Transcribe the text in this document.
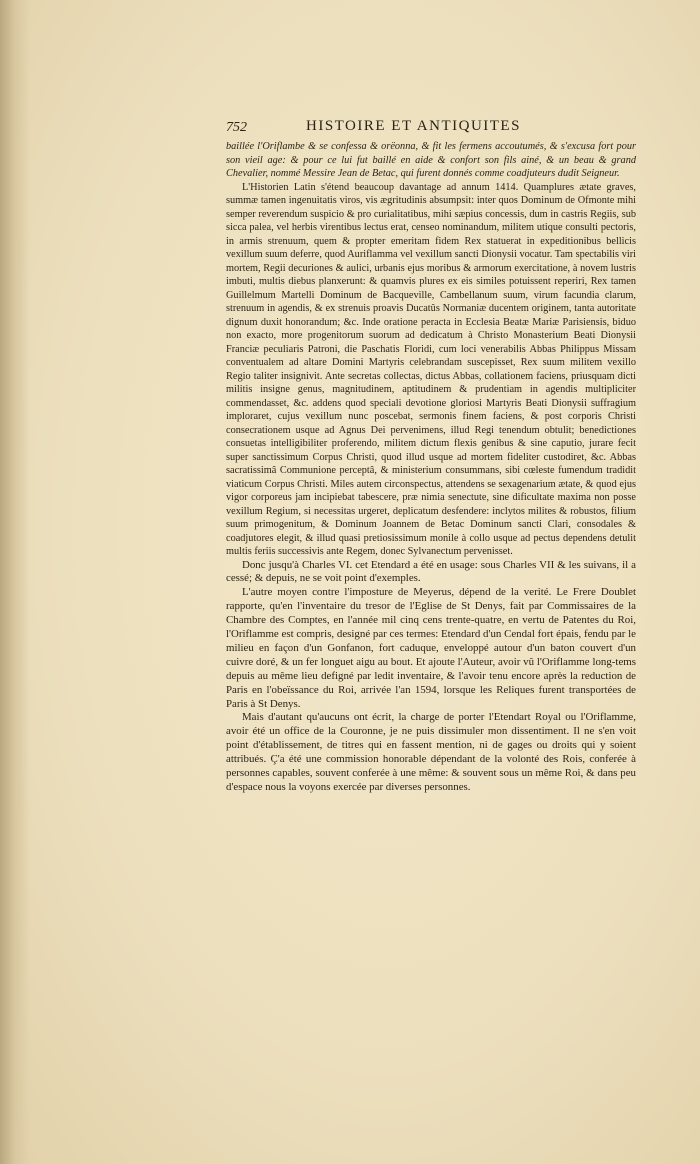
752	HISTOIRE ET ANTIQUITES

baillée l'Oriflambe & se confessa & orëonna, & fit les fermens accoutumés, & s'excusa fort pour son vieil age: & pour ce lui fut baillé en aide & confort son fils ainé, & un beau & grand Chevalier, nommé Messire Jean de Betac, qui furent donnés comme coadjuteurs dudit Seigneur.

L'Historien Latin s'étend beaucoup davantage ad annum 1414. Quamplures ætate graves, summæ tamen ingenuitatis viros, vis ægritudinis absumpsit: inter quos Dominum de Ofmonte mihi semper reverendum suspicio & pro curialitatibus, mihi sæpius concessis, dum in castris Regiis, sub sicca palea, vel herbis virentibus lectus erat, censeo nominandum, militem utique consulti pectoris, in armis strenuum, quem & propter emeritam fidem Rex statuerat in expeditionibus bellicis vexillum suum deferre, quod Auriflamma vel vexillum sancti Dionysii vocatur. Tam spectabilis viri mortem, Regii decuriones & aulici, urbanis ejus moribus & armorum exercitatione, à novem lustris imbuti, multis diebus planxerunt: & quamvis plures ex eis similes potuissent reperiri, Rex tamen Guillelmum Martelli Dominum de Bacqueville, Cambellanum suum, virum facundia clarum, strenuum in agendis, & ex strenuis proavis Ducatûs Normaniæ ducentem originem, tanta autoritate dignum duxit honorandum; &c. Inde oratione peracta in Ecclesia Beatæ Mariæ Parisiensis, biduo non exacto, more progenitorum suorum ad dedicatum à Christo Monasterium Beati Dionysii Franciæ peculiaris Patroni, die Paschatis Floridi, cum loci venerabilis Abbas Philippus Missam conventualem ad altare Domini Martyris celebrandam suscepisset, Rex suum militem vexillo Regio taliter insignivit. Ante secretas collectas, dictus Abbas, collationem faciens, priusquam dicti militis insigne genus, magnitudinem, aptitudinem & prudentiam in agendis multipliciter commendasset, &c. addens quod speciali devotione gloriosi Martyris Beati Dionysii suffragium imploraret, cujus vexillum nunc poscebat, sermonis finem faciens, & post corporis Christi consecrationem usque ad Agnus Dei pervenimens, illud Regi tenendum obtulit; benedictiones consuetas intelligibiliter proferendo, militem dictum flexis genibus & sine caputio, jurare fecit super sanctissimum Corpus Christi, quod illud usque ad mortem fideliter custodiret, &c. Abbas sacratissimâ Communione perceptâ, & ministerium consummans, sibi cœleste fumendum tradidit viaticum Corpus Christi. Miles autem circonspectus, attendens se sexagenarium ætate, & quod ejus vigor corporeus jam incipiebat tabescere, præ nimia senectute, sine dificultate maxima non posse vexillum Regium, si necessitas urgeret, deplicatum desfendere: inclytos milites & robustos, filium suum primogenitum, & Dominum Joannem de Betac Dominum sancti Clari, consodales & coadjutores elegit, & illud quasi pretiosissimum monile à collo usque ad pectus dependens detulit multis feriis successivis ante Regem, donec Sylvanectum pervenisset.

Donc jusqu'à Charles VI. cet Etendard a été en usage: sous Charles VII & les suivans, il a cessé; & depuis, ne se voit point d'exemples.

L'autre moyen contre l'imposture de Meyerus, dépend de la verité. Le Frere Doublet rapporte, qu'en l'inventaire du tresor de l'Eglise de St Denys, fait par Commissaires de la Chambre des Comptes, en l'année mil cinq cens trente-quatre, en vertu de Patentes du Roi, l'Oriflamme est compris, designé par ces termes: Etendard d'un Cendal fort épais, fendu par le milieu en façon d'un Gonfanon, fort caduque, enveloppé autour d'un baton couvert d'un cuivre doré, & un fer longuet aigu au bout. Et ajoute l'Auteur, avoir vû l'Oriflamme long-tems depuis au même lieu defigné par ledit inventaire, & l'avoir tenu encore après la reduction de Paris en l'obeïssance du Roi, arrivée l'an 1594, lorsque les Reliques furent transportées de Paris à St Denys.

Mais d'autant qu'aucuns ont écrit, la charge de porter l'Etendart Royal ou l'Oriflamme, avoir été un office de la Couronne, je ne puis dissimuler mon dissentiment. Il ne s'en voit point d'établissement, de titres qui en fassent mention, ni de gages ou droits qui y soient attribués. Ç'a été une commission honorable dépendant de la volonté des Rois, conferée à personnes capables, souvent conferée à une même: & souvent sous un même Roi, & dans peu d'espace nous la voyons exercée par diverses personnes.
